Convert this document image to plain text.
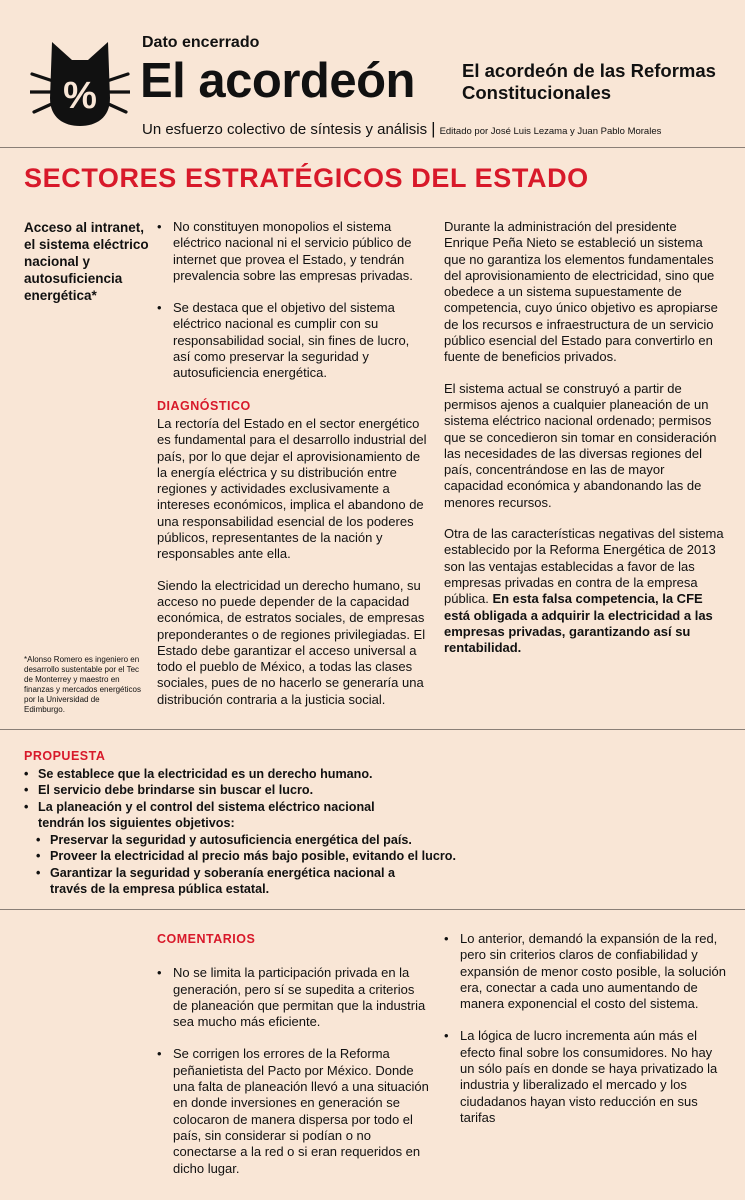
%
Dato encerrado
El acordeón	El acordeón de las Reformas Constitucionales
Un esfuerzo colectivo de síntesis y análisis | Editado por José Luis Lezama y Juan Pablo Morales
SECTORES ESTRATÉGICOS DEL ESTADO
Acceso al intranet, el sistema eléctrico nacional y autosuficiencia energética*
*Alonso Romero es ingeniero en desarrollo sustentable por el Tec de Monterrey y maestro en finanzas y mercados energéticos por la Universidad de Edimburgo.
• No constituyen monopolios el sistema eléctrico nacional ni el servicio público de internet que provea el Estado, y tendrán prevalencia sobre las empresas privadas.
• Se destaca que el objetivo del sistema eléctrico nacional es cumplir con su responsabilidad social, sin fines de lucro, así como preservar la seguridad y autosuficiencia energética.
DIAGNÓSTICO

La rectoría del Estado en el sector energético es fundamental para el desarrollo industrial del país, por lo que dejar el aprovisionamiento de la energía eléctrica y su distribución entre regiones y actividades exclusivamente a intereses económicos, implica el abandono de una responsabilidad esencial de los poderes públicos, representantes de la nación y responsables ante ella.

Siendo la electricidad un derecho humano, su acceso no puede depender de la capacidad económica, de estratos sociales, de empresas preponderantes o de regiones privilegiadas. El Estado debe garantizar el acceso universal a todo el pueblo de México, a todas las clases sociales, pues de no hacerlo se generaría una distribución contraria a la justicia social.

Durante la administración del presidente Enrique Peña Nieto se estableció un sistema que no garantiza los elementos fundamentales del aprovisionamiento de electricidad, sino que obedece a un sistema supuestamente de competencia, cuyo único objetivo es apropiarse de los recursos e infraestructura de un servicio público esencial del Estado para convertirlo en fuente de beneficios privados.

El sistema actual se construyó a partir de permisos ajenos a cualquier planeación de un sistema eléctrico nacional ordenado; permisos que se concedieron sin tomar en consideración las necesidades de las diversas regiones del país, concentrándose en las de mayor capacidad económica y abandonando las de menores recursos.

Otra de las características negativas del sistema establecido por la Reforma Energética de 2013 son las ventajas establecidas a favor de las empresas privadas en contra de la empresa pública. En esta falsa competencia, la CFE está obligada a adquirir la electricidad a las empresas privadas, garantizando así su rentabilidad.

PROPUESTA
• Se establece que la electricidad es un derecho humano.
• El servicio debe brindarse sin buscar el lucro.
• La planeación y el control del sistema eléctrico nacional tendrán los siguientes objetivos:
• Preservar la seguridad y autosuficiencia energética del país.
• Proveer la electricidad al precio más bajo posible, evitando el lucro.
• Garantizar la seguridad y soberanía energética nacional a través de la empresa pública estatal.
COMENTARIOS
• No se limita la participación privada en la generación, pero sí se supedita a criterios de planeación que permitan que la industria sea mucho más eficiente.
• Se corrigen los errores de la Reforma peñanietista del Pacto por México. Donde una falta de planeación llevó a una situación en donde inversiones en generación se colocaron de manera dispersa por todo el país, sin considerar si podían o no conectarse a la red o si eran requeridos en dicho lugar.
• Lo anterior, demandó la expansión de la red, pero sin criterios claros de confiabilidad y expansión de menor costo posible, la solución era, conectar a cada uno aumentando de manera exponencial el costo del sistema.
• La lógica de lucro incrementa aún más el efecto final sobre los consumidores. No hay un sólo país en donde se haya privatizado la industria y liberalizado el mercado y los ciudadanos hayan visto reducción en sus tarifas
